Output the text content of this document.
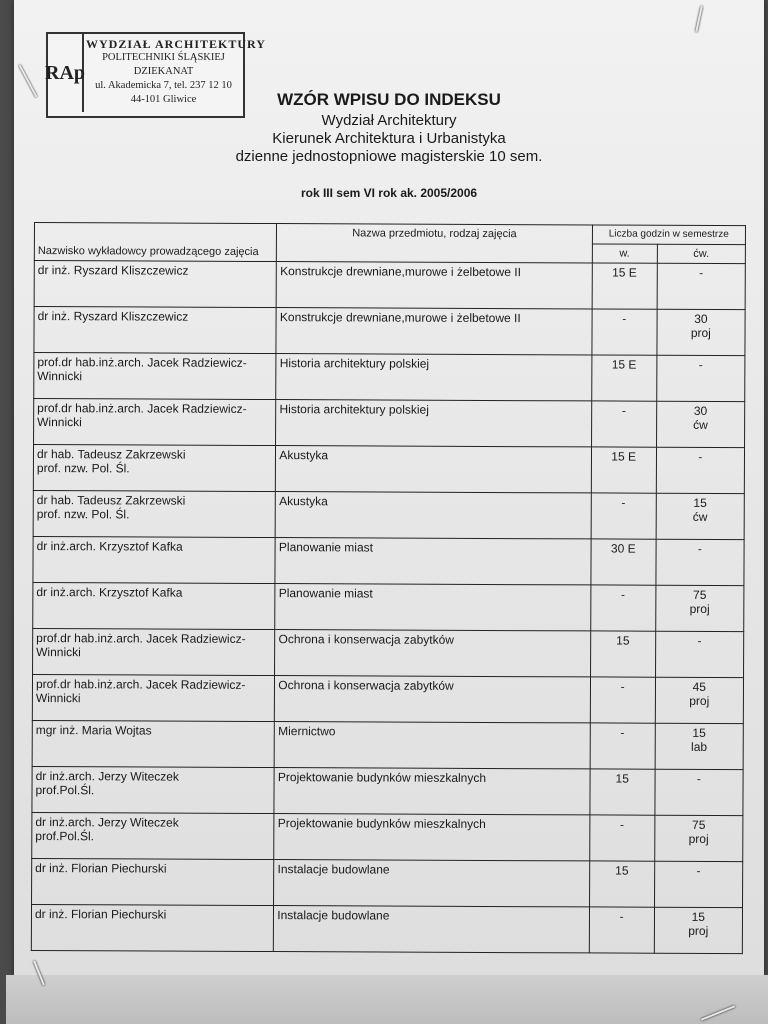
RAp
WYDZIAŁ ARCHITEKTURY
POLITECHNIKI ŚLĄSKIEJ
DZIEKANAT
ul. Akademicka 7, tel. 237 12 10
44-101 Gliwice	WZÓR WPISU DO INDEKSU
Wydział Architektury
Kierunek Architektura i Urbanistyka
dzienne jednostopniowe magisterskie 10 sem.
rok III sem VI rok ak. 2005/2006
Nazwisko wykładowcy prowadzącego zajęcia	Nazwa przedmiotu, rodzaj zajęcia	Liczba godzin w semestrze	
		w.	ćw.
dr inż. Ryszard Kliszczewicz	Konstrukcje drewniane,murowe i żelbetowe II	15 E	-
dr inż. Ryszard Kliszczewicz	Konstrukcje drewniane,murowe i żelbetowe II	-	30
proj
prof.dr hab.inż.arch. Jacek Radziewicz-
Winnicki	Historia architektury polskiej	15 E	-
prof.dr hab.inż.arch. Jacek Radziewicz-
Winnicki	Historia architektury polskiej	-	30
ćw
dr hab. Tadeusz Zakrzewski
prof. nzw. Pol. Śl.	Akustyka	15 E	-
dr hab. Tadeusz Zakrzewski
prof. nzw. Pol. Śl.	Akustyka	-	15
ćw
dr inż.arch. Krzysztof Kafka	Planowanie miast	30 E	-
dr inż.arch. Krzysztof Kafka	Planowanie miast	-	75
proj
prof.dr hab.inż.arch. Jacek Radziewicz-
Winnicki	Ochrona i konserwacja zabytków	15	-
prof.dr hab.inż.arch. Jacek Radziewicz-
Winnicki	Ochrona i konserwacja zabytków	-	45
proj
mgr inż. Maria Wojtas	Miernictwo	-	15
lab
dr inż.arch. Jerzy Witeczek
prof.Pol.Śl.	Projektowanie budynków mieszkalnych	15	-
dr inż.arch. Jerzy Witeczek
prof.Pol.Śl.	Projektowanie budynków mieszkalnych	-	75
proj
dr inż. Florian Piechurski	Instalacje budowlane	15	-
dr inż. Florian Piechurski	Instalacje budowlane	-	15
proj
